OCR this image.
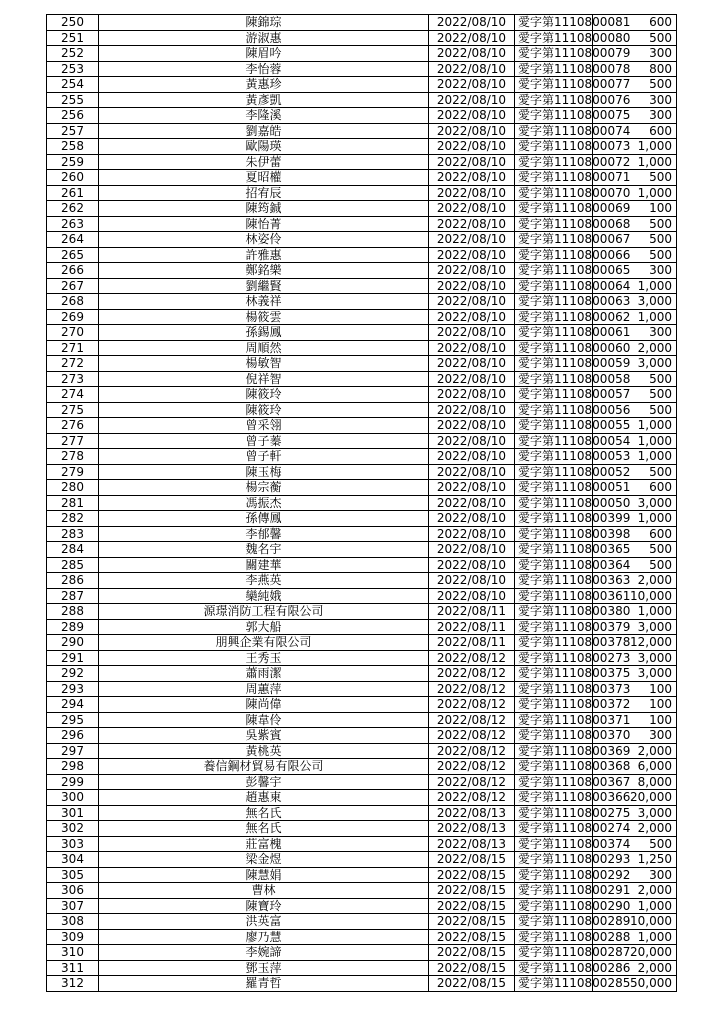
250	陳錦琮	2022/08/10	愛字第1110800081	600
251	游淑惠	2022/08/10	愛字第1110800080	500
252	陳眉吟	2022/08/10	愛字第1110800079	300
253	李怡蓉	2022/08/10	愛字第1110800078	800
254	黃惠珍	2022/08/10	愛字第1110800077	500
255	黃彥凱	2022/08/10	愛字第1110800076	300
256	李隆溪	2022/08/10	愛字第1110800075	300
257	劉嘉皓	2022/08/10	愛字第1110800074	600
258	歐陽瑛	2022/08/10	愛字第1110800073	1,000
259	朱伊蕾	2022/08/10	愛字第1110800072	1,000
260	夏昭權	2022/08/10	愛字第1110800071	500
261	招宥辰	2022/08/10	愛字第1110800070	1,000
262	陳筠鋮	2022/08/10	愛字第1110800069	100
263	陳怡菁	2022/08/10	愛字第1110800068	500
264	林姿伶	2022/08/10	愛字第1110800067	500
265	許雅惠	2022/08/10	愛字第1110800066	500
266	鄭銘樂	2022/08/10	愛字第1110800065	300
267	劉繼賢	2022/08/10	愛字第1110800064	1,000
268	林義祥	2022/08/10	愛字第1110800063	3,000
269	楊筱雲	2022/08/10	愛字第1110800062	1,000
270	孫錫鳳	2022/08/10	愛字第1110800061	300
271	周順然	2022/08/10	愛字第1110800060	2,000
272	楊敏智	2022/08/10	愛字第1110800059	3,000
273	倪祥智	2022/08/10	愛字第1110800058	500
274	陳筱玲	2022/08/10	愛字第1110800057	500
275	陳筱玲	2022/08/10	愛字第1110800056	500
276	曾采翎	2022/08/10	愛字第1110800055	1,000
277	曾子蓁	2022/08/10	愛字第1110800054	1,000
278	曾子軒	2022/08/10	愛字第1110800053	1,000
279	陳玉梅	2022/08/10	愛字第1110800052	500
280	楊宗蘅	2022/08/10	愛字第1110800051	600
281	馮振杰	2022/08/10	愛字第1110800050	3,000
282	孫傳鳳	2022/08/10	愛字第1110800399	1,000
283	李郁馨	2022/08/10	愛字第1110800398	600
284	魏名宇	2022/08/10	愛字第1110800365	500
285	關建華	2022/08/10	愛字第1110800364	500
286	李燕英	2022/08/10	愛字第1110800363	2,000
287	欒純娥	2022/08/10	愛字第1110800361	10,000
288	源璟消防工程有限公司	2022/08/11	愛字第1110800380	1,000
289	郭大船	2022/08/11	愛字第1110800379	3,000
290	朋興企業有限公司	2022/08/11	愛字第1110800378	12,000
291	王秀玉	2022/08/12	愛字第1110800273	3,000
292	蕭雨潔	2022/08/12	愛字第1110800375	3,000
293	周蕙萍	2022/08/12	愛字第1110800373	100
294	陳尚偉	2022/08/12	愛字第1110800372	100
295	陳韋伶	2022/08/12	愛字第1110800371	100
296	吳紫賓	2022/08/12	愛字第1110800370	300
297	黃桃英	2022/08/12	愛字第1110800369	2,000
298	養信鋼材貿易有限公司	2022/08/12	愛字第1110800368	6,000
299	彭馨宇	2022/08/12	愛字第1110800367	8,000
300	趙惠東	2022/08/12	愛字第1110800366	20,000
301	無名氏	2022/08/13	愛字第1110800275	3,000
302	無名氏	2022/08/13	愛字第1110800274	2,000
303	莊富槐	2022/08/13	愛字第1110800374	500
304	梁金煜	2022/08/15	愛字第1110800293	1,250
305	陳慧娟	2022/08/15	愛字第1110800292	300
306	曹林	2022/08/15	愛字第1110800291	2,000
307	陳寶玲	2022/08/15	愛字第1110800290	1,000
308	洪英富	2022/08/15	愛字第1110800289	10,000
309	廖乃慧	2022/08/15	愛字第1110800288	1,000
310	李婉諦	2022/08/15	愛字第1110800287	20,000
311	鄧玉萍	2022/08/15	愛字第1110800286	2,000
312	羅青哲	2022/08/15	愛字第1110800285	50,000
